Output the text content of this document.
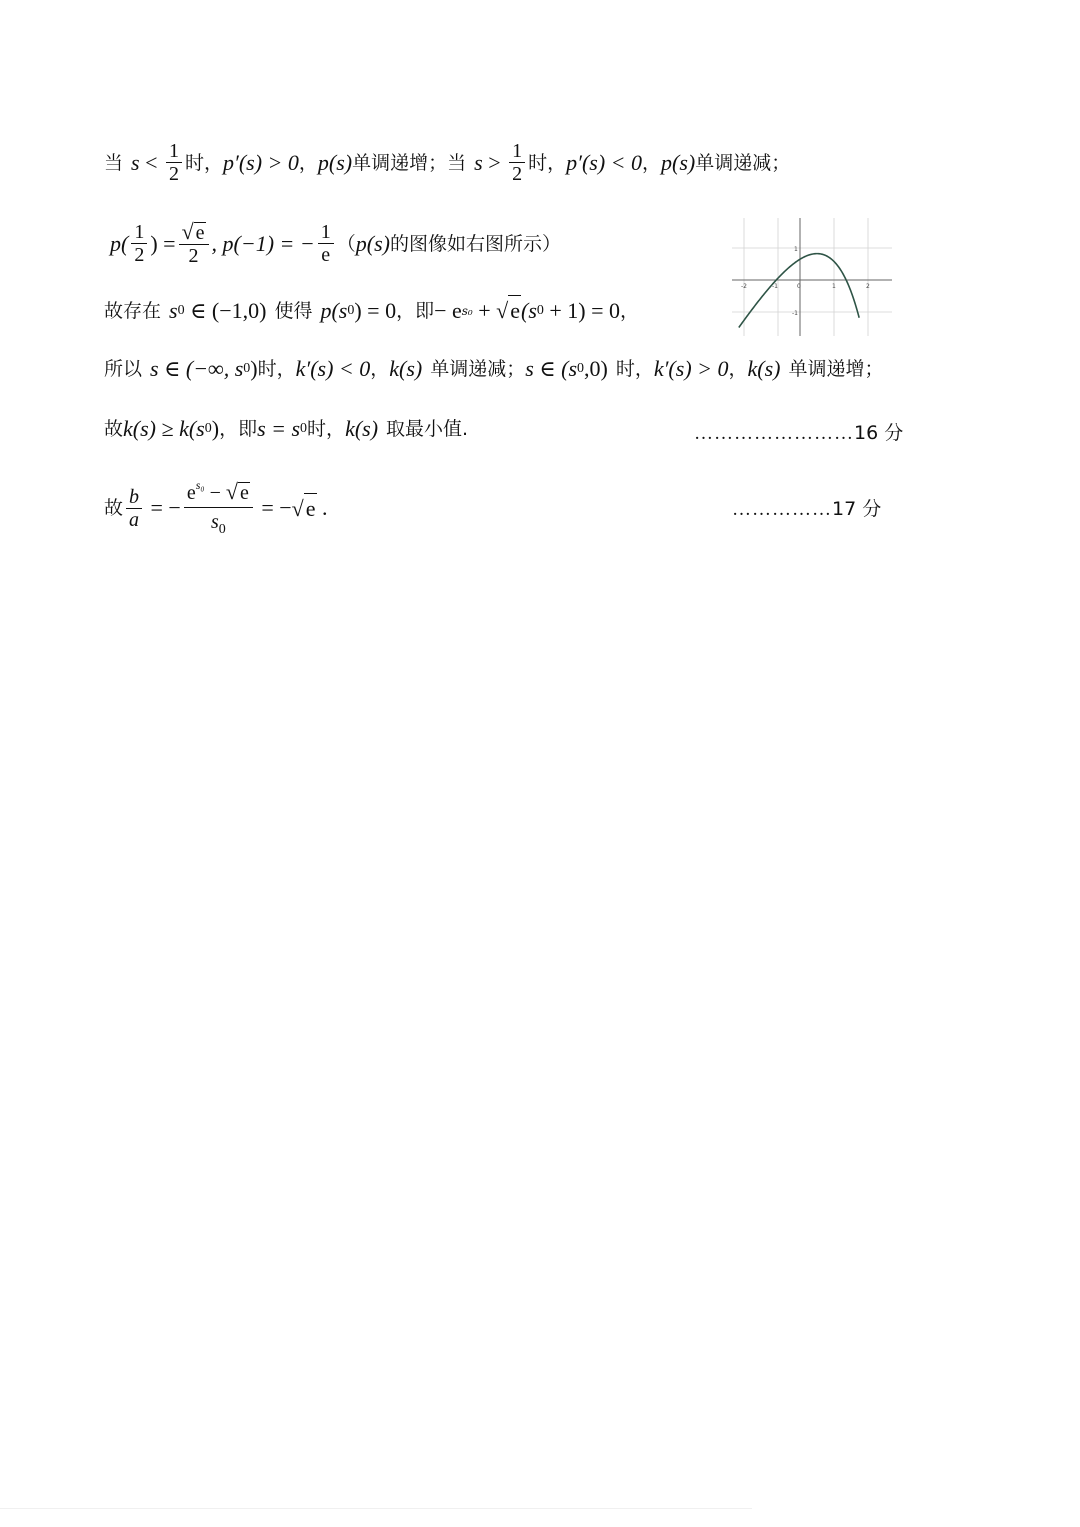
当 $s < \frac{1}{2}$ 时， p′(s) > 0 ， p(s) 单调递增；当 $s > \frac{1}{2}$ 时， p′(s) < 0 ， p(s) 单调递减；
$p( \frac{1}{2}$ ) = $\frac{√ e}{2}$ , p(−1) = − $\frac{1}{e}$ （ p(s) 的图像如右图所示）
-2	-1	0	1	2
1
-1
故存在 s 0 ∈ (−1,0) 使得 p(s 0 ) = 0 ，即 − e s₀ + √e (s 0 + 1) = 0 ，
所以 s ∈ (−∞, s 0 ) 时， k′(s) < 0 ， k(s) 单调递减； s ∈ (s 0 ,0) 时， k′(s) > 0 ， k(s) 单调递增；
故 k(s) ≥ k(s 0 ) ，即 s = s 0 时， k(s) 取最小值.	……………………16 分
故 $\frac{b}{a}$ = − $\frac{e^{s_0} - √ e}{s_0}$ = − √e .	……………17 分
